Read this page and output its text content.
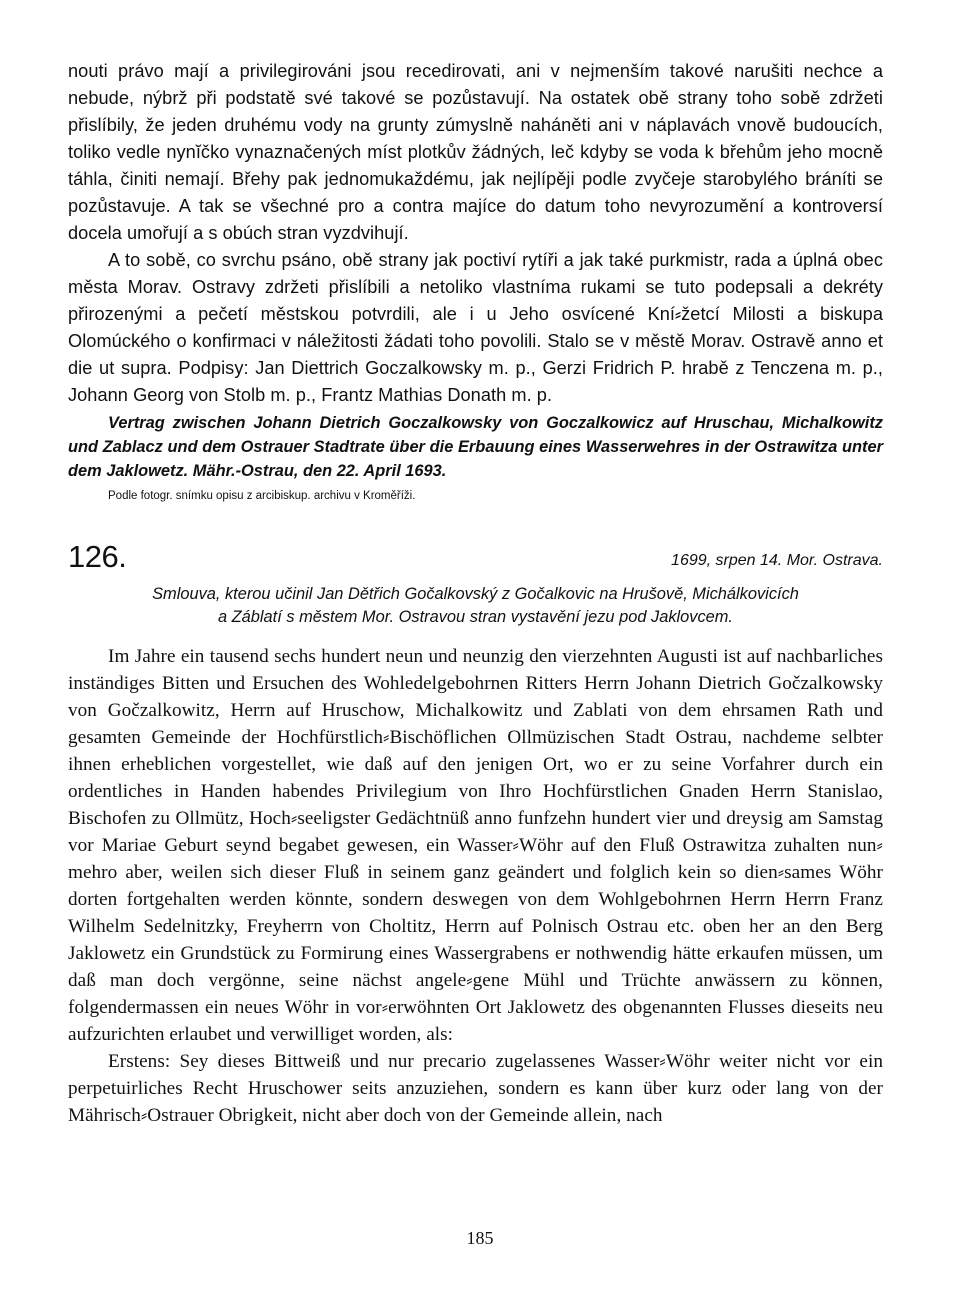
nouti právo mají a privilegirováni jsou recedirovati, ani v nejmenším takové narušiti nechce a nebude, nýbrž při podstatě své takové se pozůstavují. Na ostatek obě strany toho sobě zdržeti přislíbily, že jeden druhému vody na grunty zúmyslně naháněti ani v náplavách vnově budoucích, toliko vedle nynĭčko vynaznačených míst plotkův žádných, leč kdyby se voda k břehům jeho mocně táhla, činiti nemají. Břehy pak jednomukaždému, jak nejlípěji podle zvyčeje starobylého bráníti se pozůstavuje. A tak se všechné pro a contra majíce do datum toho nevyrozumění a kontroversí docela umořují a s obúch stran vyzdvihují.

A to sobě, co svrchu psáno, obě strany jak poctiví rytíři a jak také purkmistr, rada a úplná obec města Morav. Ostravy zdržeti přislíbili a netoliko vlastníma rukami se tuto podepsali a dekréty přirozenými a pečetí městskou potvrdili, ale i u Jeho osvícené Kní⸗žetcí Milosti a biskupa Olomúckého o konfirmaci v náležitosti žádati toho povolili. Stalo se v městě Morav. Ostravě anno et die ut supra. Podpisy: Jan Diettrich Goczalkowsky m. p., Gerzi Fridrich P. hrabě z Tenczena m. p., Johann Georg von Stolb m. p., Frantz Mathias Donath m. p.

Vertrag zwischen Johann Dietrich Goczalkowsky von Goczalkowicz auf Hruschau, Michalkowitz und Zablacz und dem Ostrauer Stadtrate über die Erbauung eines Wasserwehres in der Ostrawitza unter dem Jaklowetz. Mähr.-Ostrau, den 22. April 1693.

Podle fotogr. snímku opisu z arcibiskup. archivu v Kroměříži.

126.	1699, srpen 14. Mor. Ostrava.

Smlouva, kterou učinil Jan Dětřich Gočalkovský z Gočalkovic na Hrušově, Michálkovicích
a Záblatí s městem Mor. Ostravou stran vystavění jezu pod Jaklovcem.

Im Jahre ein tausend sechs hundert neun und neunzig den vierzehnten Augusti ist auf nachbarliches inständiges Bitten und Ersuchen des Wohledelgebohrnen Ritters Herrn Johann Dietrich Gočzalkowsky von Gočzalkowitz, Herrn auf Hruschow, Michalkowitz und Zablati von dem ehrsamen Rath und gesamten Gemeinde der Hochfürstlich⸗Bischöflichen Ollmüzischen Stadt Ostrau, nachdeme selbter ihnen erheblichen vorgestellet, wie daß auf den jenigen Ort, wo er zu seine Vorfahrer durch ein ordentliches in Handen habendes Privilegium von Ihro Hochfürstlichen Gnaden Herrn Stanislao, Bischofen zu Ollmütz, Hoch⸗seeligster Gedächtnüß anno funfzehn hundert vier und dreysig am Samstag vor Mariae Geburt seynd begabet gewesen, ein Wasser⸗Wöhr auf den Fluß Ostrawitza zuhalten nun⸗mehro aber, weilen sich dieser Fluß in seinem ganz geändert und folglich kein so dien⸗sames Wöhr dorten fortgehalten werden könnte, sondern deswegen von dem Wohlgebohrnen Herrn Herrn Franz Wilhelm Sedelnitzky, Freyherrn von Choltitz, Herrn auf Polnisch Ostrau etc. oben her an den Berg Jaklowetz ein Grundstück zu Formirung eines Wassergrabens er nothwendig hätte erkaufen müssen, um daß man doch vergönne, seine nächst angele⸗gene Mühl und Trüchte anwässern zu können, folgendermassen ein neues Wöhr in vor⸗erwöhnten Ort Jaklowetz des obgenannten Flusses dieseits neu aufzurichten erlaubet und verwilliget worden, als:

Erstens: Sey dieses Bittweiß und nur precario zugelassenes Wasser⸗Wöhr weiter nicht vor ein perpetuirliches Recht Hruschower seits anzuziehen, sondern es kann über kurz oder lang von der Mährisch⸗Ostrauer Obrigkeit, nicht aber doch von der Gemeinde allein, nach

185
